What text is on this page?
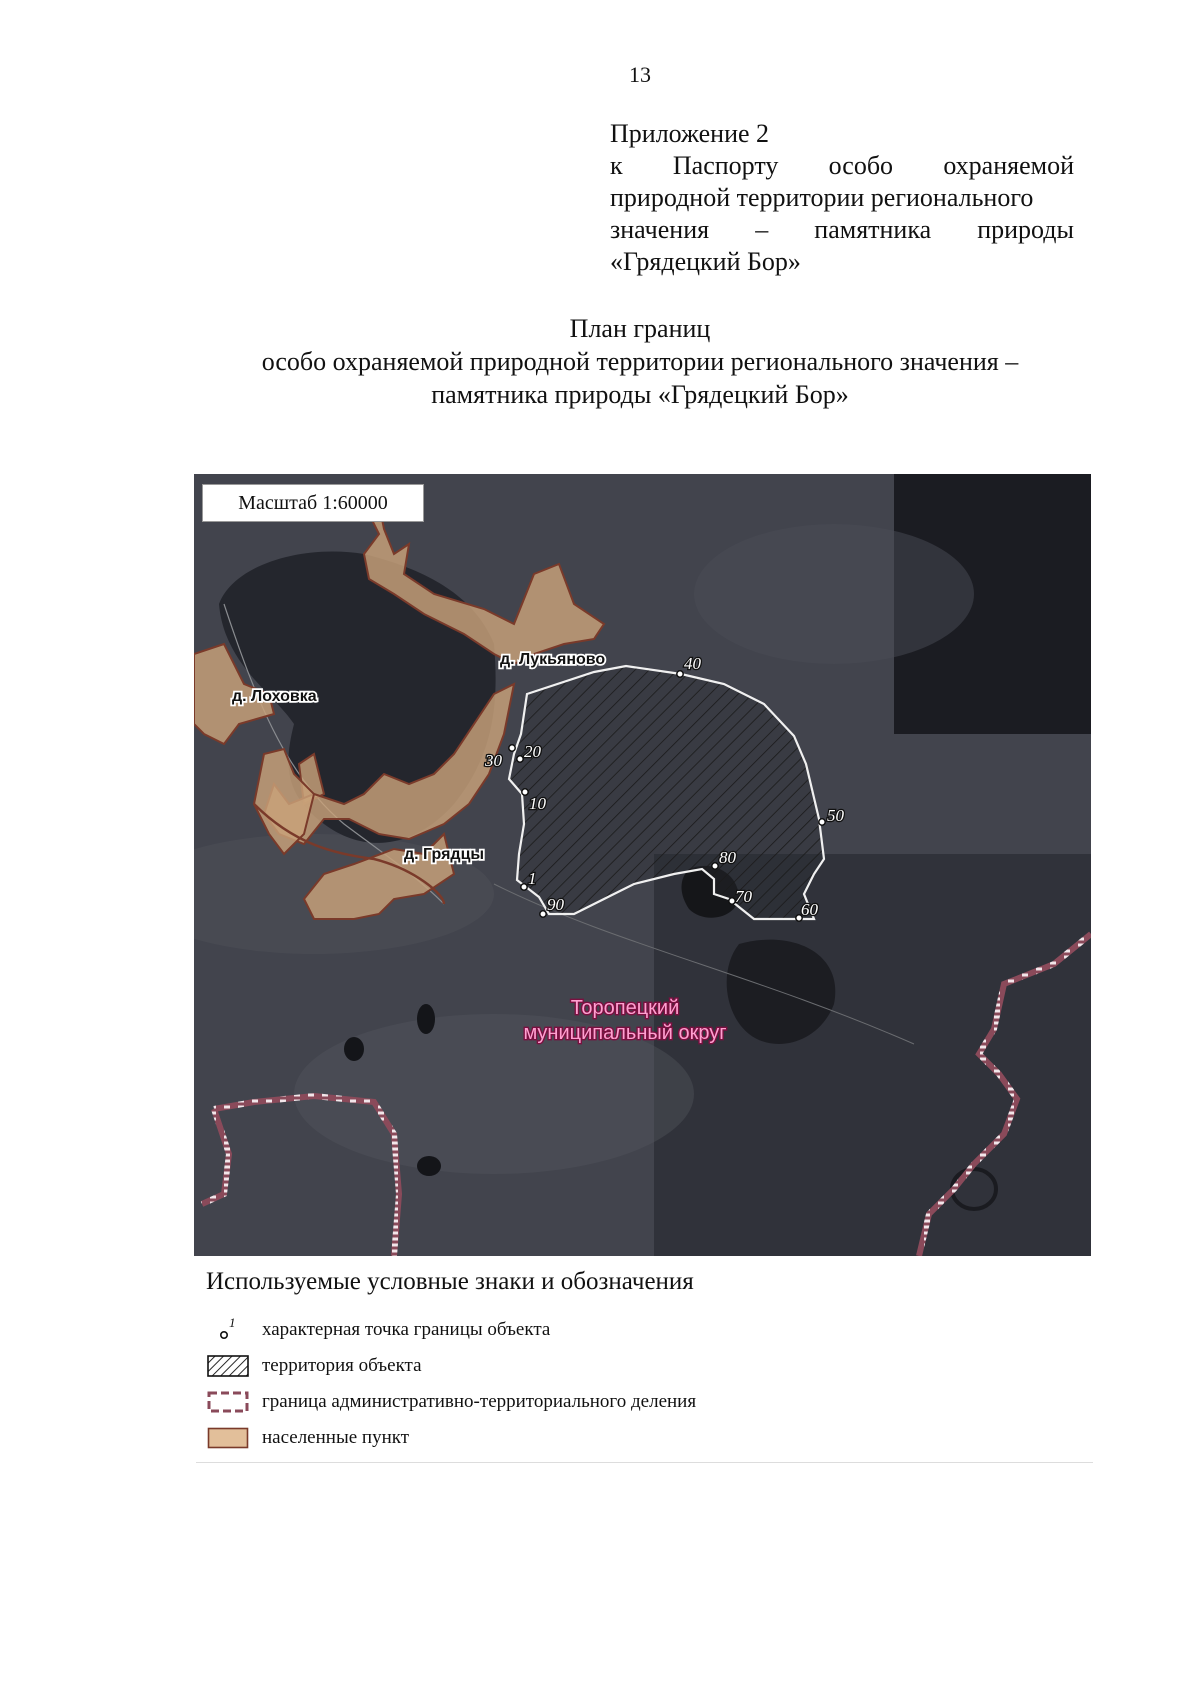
13
Приложение 2
к Паспорту особо охраняемой
природной территории регионального
значения – памятника природы
«Грядецкий Бор»
План границ
особо охраняемой природной территории регионального значения –
памятника природы «Грядецкий Бор»
1
10
20
30
40
50
60
70
80
90
д. Лукьяново
д. Лоховка
д. Грядцы
Торопецкий
муниципальный округ
Масштаб 1:60000
Используемые условные знаки и обозначения
1 характерная точка границы объекта
территория объекта
граница административно-территориального деления
населенные пункт
